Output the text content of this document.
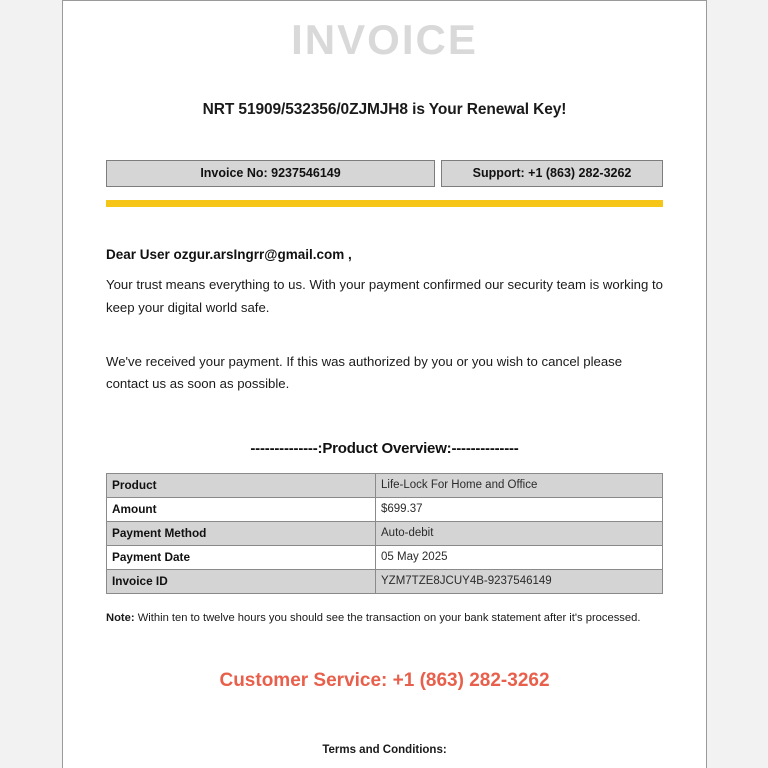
INVOICE
NRT 51909/532356/0ZJMJH8 is Your Renewal Key!
Invoice No: 9237546149	Support: +1 (863) 282-3262
Dear User ozgur.arsIngrr@gmail.com ,
Your trust means everything to us. With your payment confirmed our security team is working to keep your digital world safe.
We've received your payment. If this was authorized by you or you wish to cancel please contact us as soon as possible.
--------------:Product Overview:--------------
Product	Life-Lock For Home and Office
Amount	$699.37
Payment Method	Auto-debit
Payment Date	05 May 2025
Invoice ID	YZM7TZE8JCUY4B-9237546149
Note: Within ten to twelve hours you should see the transaction on your bank statement after it's processed.
Customer Service: +1 (863) 282-3262
Terms and Conditions:
